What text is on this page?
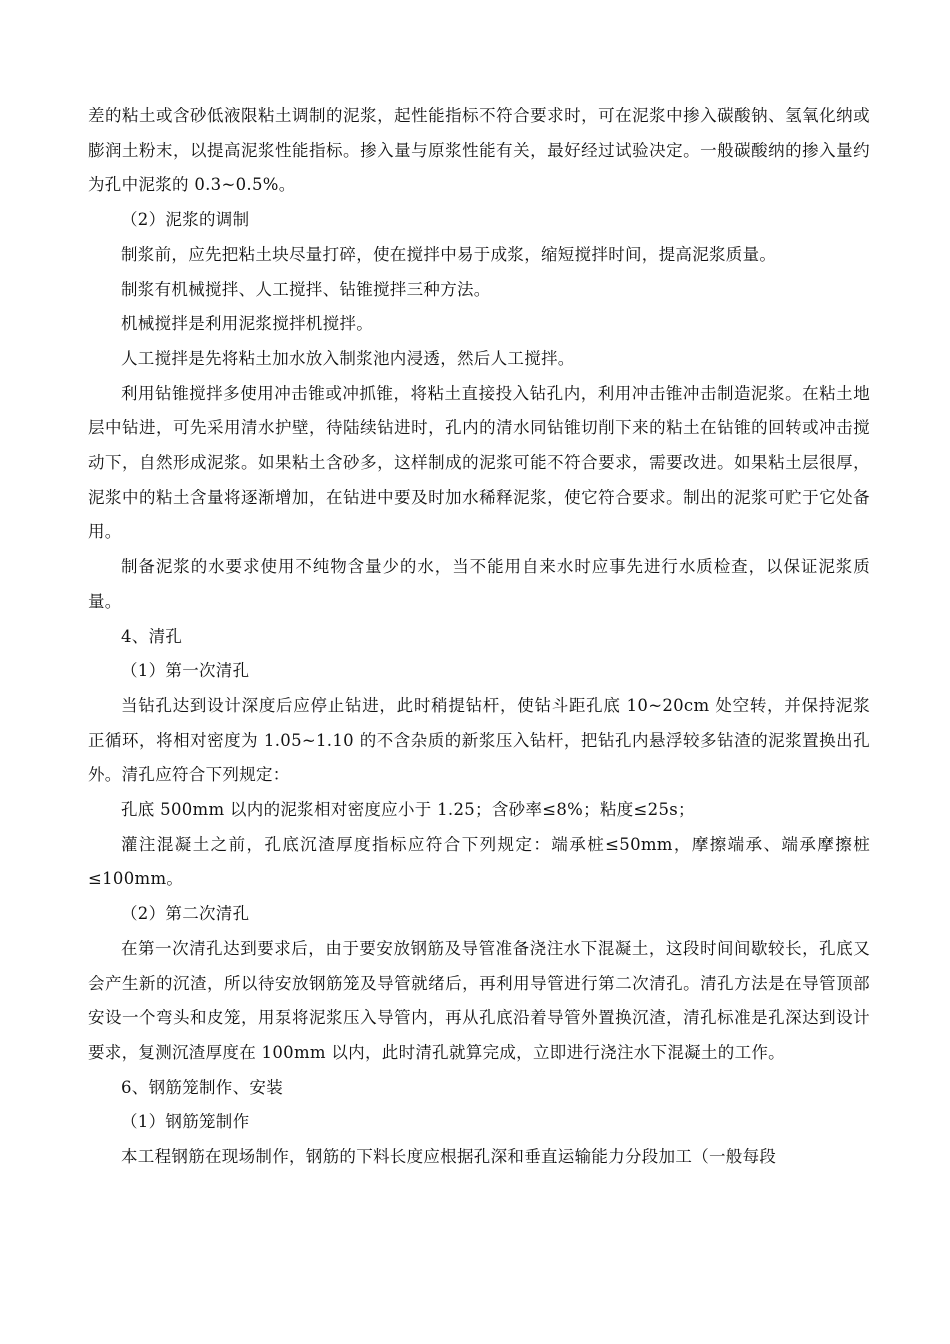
差的粘土或含砂低液限粘土调制的泥浆，起性能指标不符合要求时，可在泥浆中掺入碳酸钠、氢氧化纳或膨润土粉末，以提高泥浆性能指标。掺入量与原浆性能有关，最好经过试验决定。一般碳酸纳的掺入量约为孔中泥浆的 0.3~0.5%。

（2）泥浆的调制

制浆前，应先把粘土块尽量打碎，使在搅拌中易于成浆，缩短搅拌时间，提高泥浆质量。

制浆有机械搅拌、人工搅拌、钻锥搅拌三种方法。

机械搅拌是利用泥浆搅拌机搅拌。

人工搅拌是先将粘土加水放入制浆池内浸透，然后人工搅拌。

利用钻锥搅拌多使用冲击锥或冲抓锥，将粘土直接投入钻孔内，利用冲击锥冲击制造泥浆。在粘土地层中钻进，可先采用清水护壁，待陆续钻进时，孔内的清水同钻锥切削下来的粘土在钻锥的回转或冲击搅动下，自然形成泥浆。如果粘土含砂多，这样制成的泥浆可能不符合要求，需要改进。如果粘土层很厚，泥浆中的粘土含量将逐渐增加，在钻进中要及时加水稀释泥浆，使它符合要求。制出的泥浆可贮于它处备用。

制备泥浆的水要求使用不纯物含量少的水，当不能用自来水时应事先进行水质检查，以保证泥浆质量。

4、清孔

（1）第一次清孔

当钻孔达到设计深度后应停止钻进，此时稍提钻杆，使钻斗距孔底 10~20cm 处空转，并保持泥浆正循环，将相对密度为 1.05~1.10 的不含杂质的新浆压入钻杆，把钻孔内悬浮较多钻渣的泥浆置换出孔外。清孔应符合下列规定：

孔底 500mm 以内的泥浆相对密度应小于 1.25；含砂率≤8%；粘度≤25s；

灌注混凝土之前，孔底沉渣厚度指标应符合下列规定：端承桩≤50mm，摩擦端承、端承摩擦桩≤100mm。

（2）第二次清孔

在第一次清孔达到要求后，由于要安放钢筋及导管准备浇注水下混凝土，这段时间间歇较长，孔底又会产生新的沉渣，所以待安放钢筋笼及导管就绪后，再利用导管进行第二次清孔。清孔方法是在导管顶部安设一个弯头和皮笼，用泵将泥浆压入导管内，再从孔底沿着导管外置换沉渣，清孔标准是孔深达到设计要求，复测沉渣厚度在 100mm 以内，此时清孔就算完成，立即进行浇注水下混凝土的工作。

6、钢筋笼制作、安装

（1）钢筋笼制作

本工程钢筋在现场制作，钢筋的下料长度应根据孔深和垂直运输能力分段加工（一般每段
